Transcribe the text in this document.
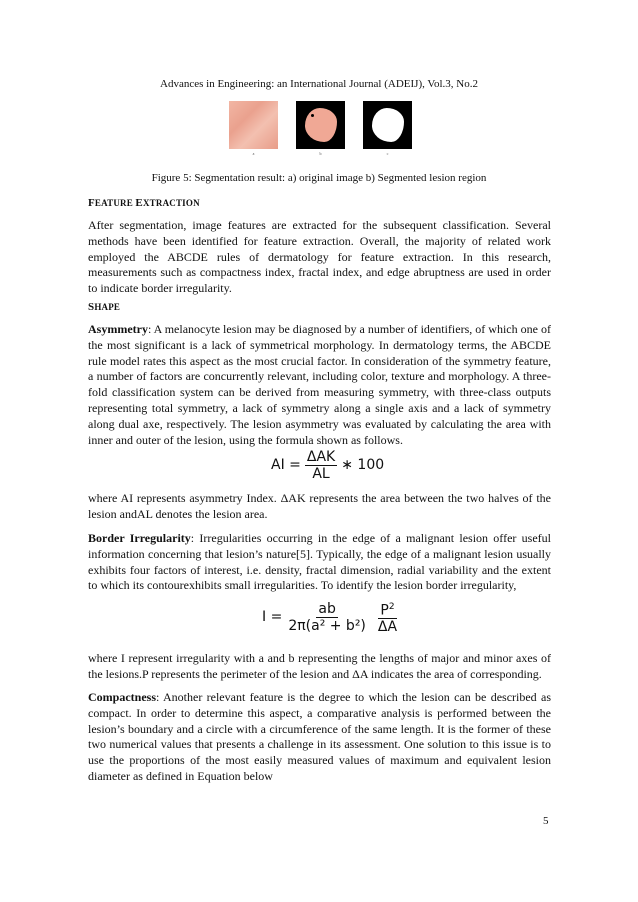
Advances in Engineering: an International Journal (ADEIJ), Vol.3, No.2
a	b	c
Figure 5: Segmentation result: a) original image b) Segmented lesion region
FEATURE EXTRACTION

After segmentation, image features are extracted for the subsequent classification. Several methods have been identified for feature extraction. Overall, the majority of related work employed the ABCDE rules of dermatology for feature extraction. In this research, measurements such as compactness index, fractal index, and edge abruptness are used in order to indicate border irregularity.

SHAPE

Asymmetry: A melanocyte lesion may be diagnosed by a number of identifiers, of which one of the most significant is a lack of symmetrical morphology. In dermatology terms, the ABCDE rule model rates this aspect as the most crucial factor. In consideration of the symmetry feature, a number of factors are concurrently relevant, including color, texture and morphology. A three-fold classification system can be derived from measuring symmetry, with three-class outputs representing total symmetry, a lack of symmetry along a single axis and a lack of symmetry along dual axe, respectively. The lesion asymmetry was evaluated by calculating the area with inner and outer of the lesion, using the formula shown as follows.

AI = $\frac{\text{ΔAK}}{AL}$ ∗ 100

where AI represents asymmetry Index. ΔAK represents the area between the two halves of the lesion andAL denotes the lesion area.

Border Irregularity: Irregularities occurring in the edge of a malignant lesion offer useful information concerning that lesion’s nature[5]. Typically, the edge of a malignant lesion usually exhibits four factors of interest, i.e. density, fractal dimension, radial variability and the extent to which its contourexhibits small irregularities. To identify the lesion border irregularity,

$I = \frac{ab}{\text{2π(a² + b²)}} \frac{P^2}{\Delta A}$

where I represent irregularity with a and b representing the lengths of major and minor axes of the lesions.P represents the perimeter of the lesion and ΔA indicates the area of corresponding.

Compactness: Another relevant feature is the degree to which the lesion can be described as compact. In order to determine this aspect, a comparative analysis is performed between the lesion’s boundary and a circle with a circumference of the same length. It is the former of these two numerical values that presents a challenge in its assessment. One solution to this issue is to use the proportions of the most easily measured values of maximum and equivalent lesion diameter as defined in Equation below

5
